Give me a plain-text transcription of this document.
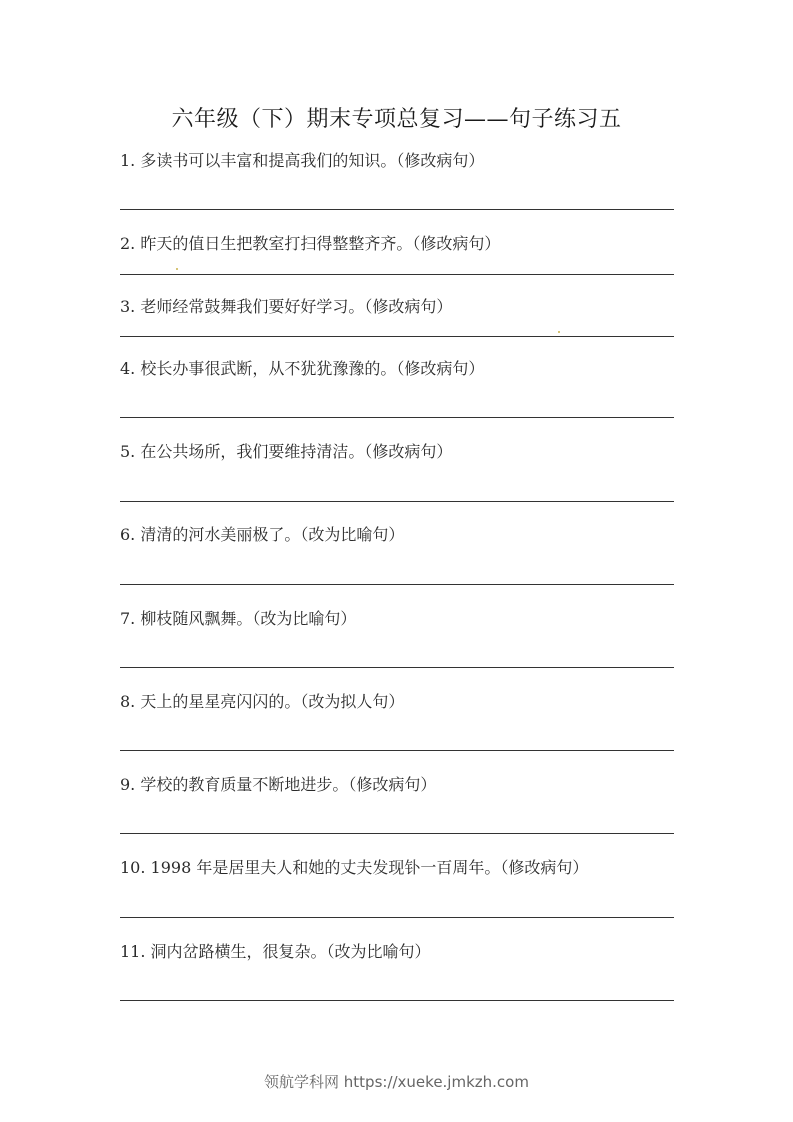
六年级（下）期末专项总复习——句子练习五
1. 多读书可以丰富和提高我们的知识。（修改病句）
2. 昨天的值日生把教室打扫得整整齐齐。（修改病句）
3. 老师经常鼓舞我们要好好学习。（修改病句）
4. 校长办事很武断，从不犹犹豫豫的。（修改病句）
5. 在公共场所，我们要维持清洁。（修改病句）
6. 清清的河水美丽极了。（改为比喻句）
7. 柳枝随风飘舞。（改为比喻句）
8. 天上的星星亮闪闪的。（改为拟人句）
9. 学校的教育质量不断地进步。（修改病句）
10. 1998 年是居里夫人和她的丈夫发现钋一百周年。（修改病句）
11. 洞内岔路横生，很复杂。（改为比喻句）
领航学科网 https://xueke.jmkzh.com
